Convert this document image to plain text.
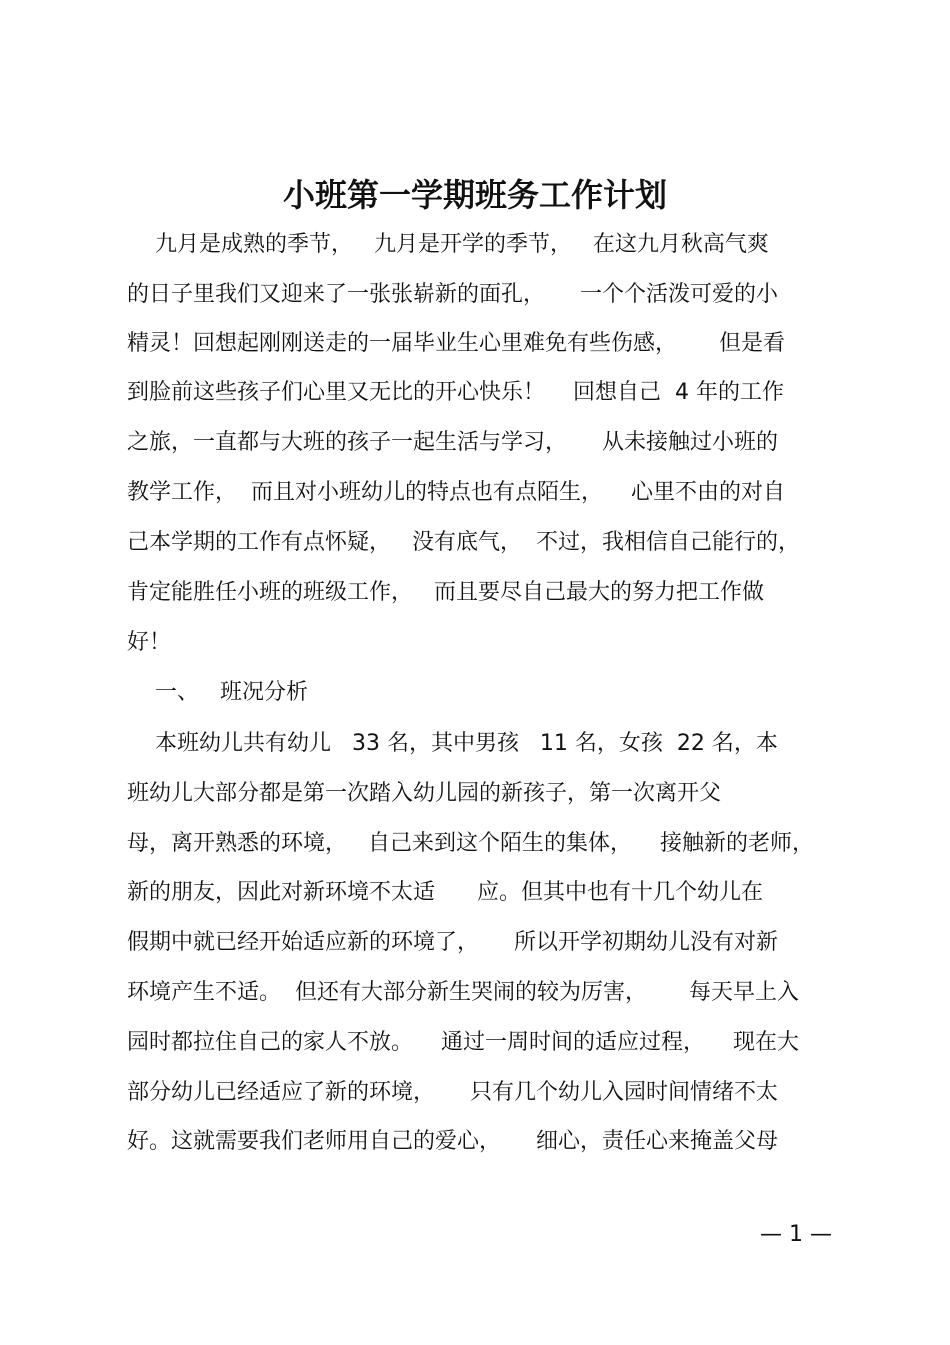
小班第一学期班务工作计划

九月是成熟的季节，   九月是开学的季节，   在这九月秋高气爽

的日子里我们又迎来了一张张崭新的面孔，     一个个活泼可爱的小

精灵！回想起刚刚送走的一届毕业生心里难免有些伤感，      但是看

到脸前这些孩子们心里又无比的开心快乐！    回想自己  4 年的工作

之旅，一直都与大班的孩子一起生活与学习，     从未接触过小班的

教学工作，  而且对小班幼儿的特点也有点陌生，    心里不由的对自

己本学期的工作有点怀疑，   没有底气，  不过，我相信自己能行的，

肯定能胜任小班的班级工作，   而且要尽自己最大的努力把工作做

好！

一、   班况分析

本班幼儿共有幼儿   33 名，其中男孩   11 名，女孩  22 名，本

班幼儿大部分都是第一次踏入幼儿园的新孩子，第一次离开父

母，离开熟悉的环境，   自己来到这个陌生的集体，    接触新的老师，

新的朋友，因此对新环境不太适      应。但其中也有十几个幼儿在

假期中就已经开始适应新的环境了，     所以开学初期幼儿没有对新

环境产生不适。  但还有大部分新生哭闹的较为厉害，      每天早上入

园时都拉住自己的家人不放。    通过一周时间的适应过程，    现在大

部分幼儿已经适应了新的环境，     只有几个幼儿入园时间情绪不太

好。这就需要我们老师用自己的爱心，     细心，责任心来掩盖父母

— 1 —
